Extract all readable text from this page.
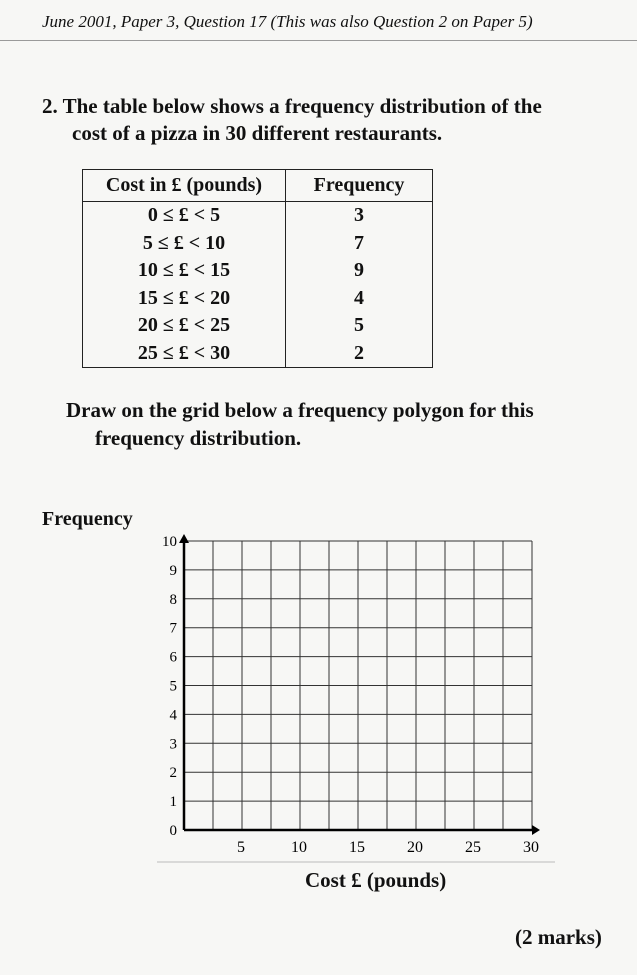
June 2001, Paper 3, Question 17 (This was also Question 2 on Paper 5)
2. The table below shows a frequency distribution of the
cost of a pizza in 30 different restaurants.
Cost in £ (pounds)	Frequency
0 ≤ £ < 5	3
5 ≤ £ < 10	7
10 ≤ £ < 15	9
15 ≤ £ < 20	4
20 ≤ £ < 25	5
25 ≤ £ < 30	2
Draw on the grid below a frequency polygon for this
frequency distribution.
Frequency
0
1
2
3
4
5
6
7
8
9
10
5	10	15	20	25	30
Cost £ (pounds)
(2 marks)
